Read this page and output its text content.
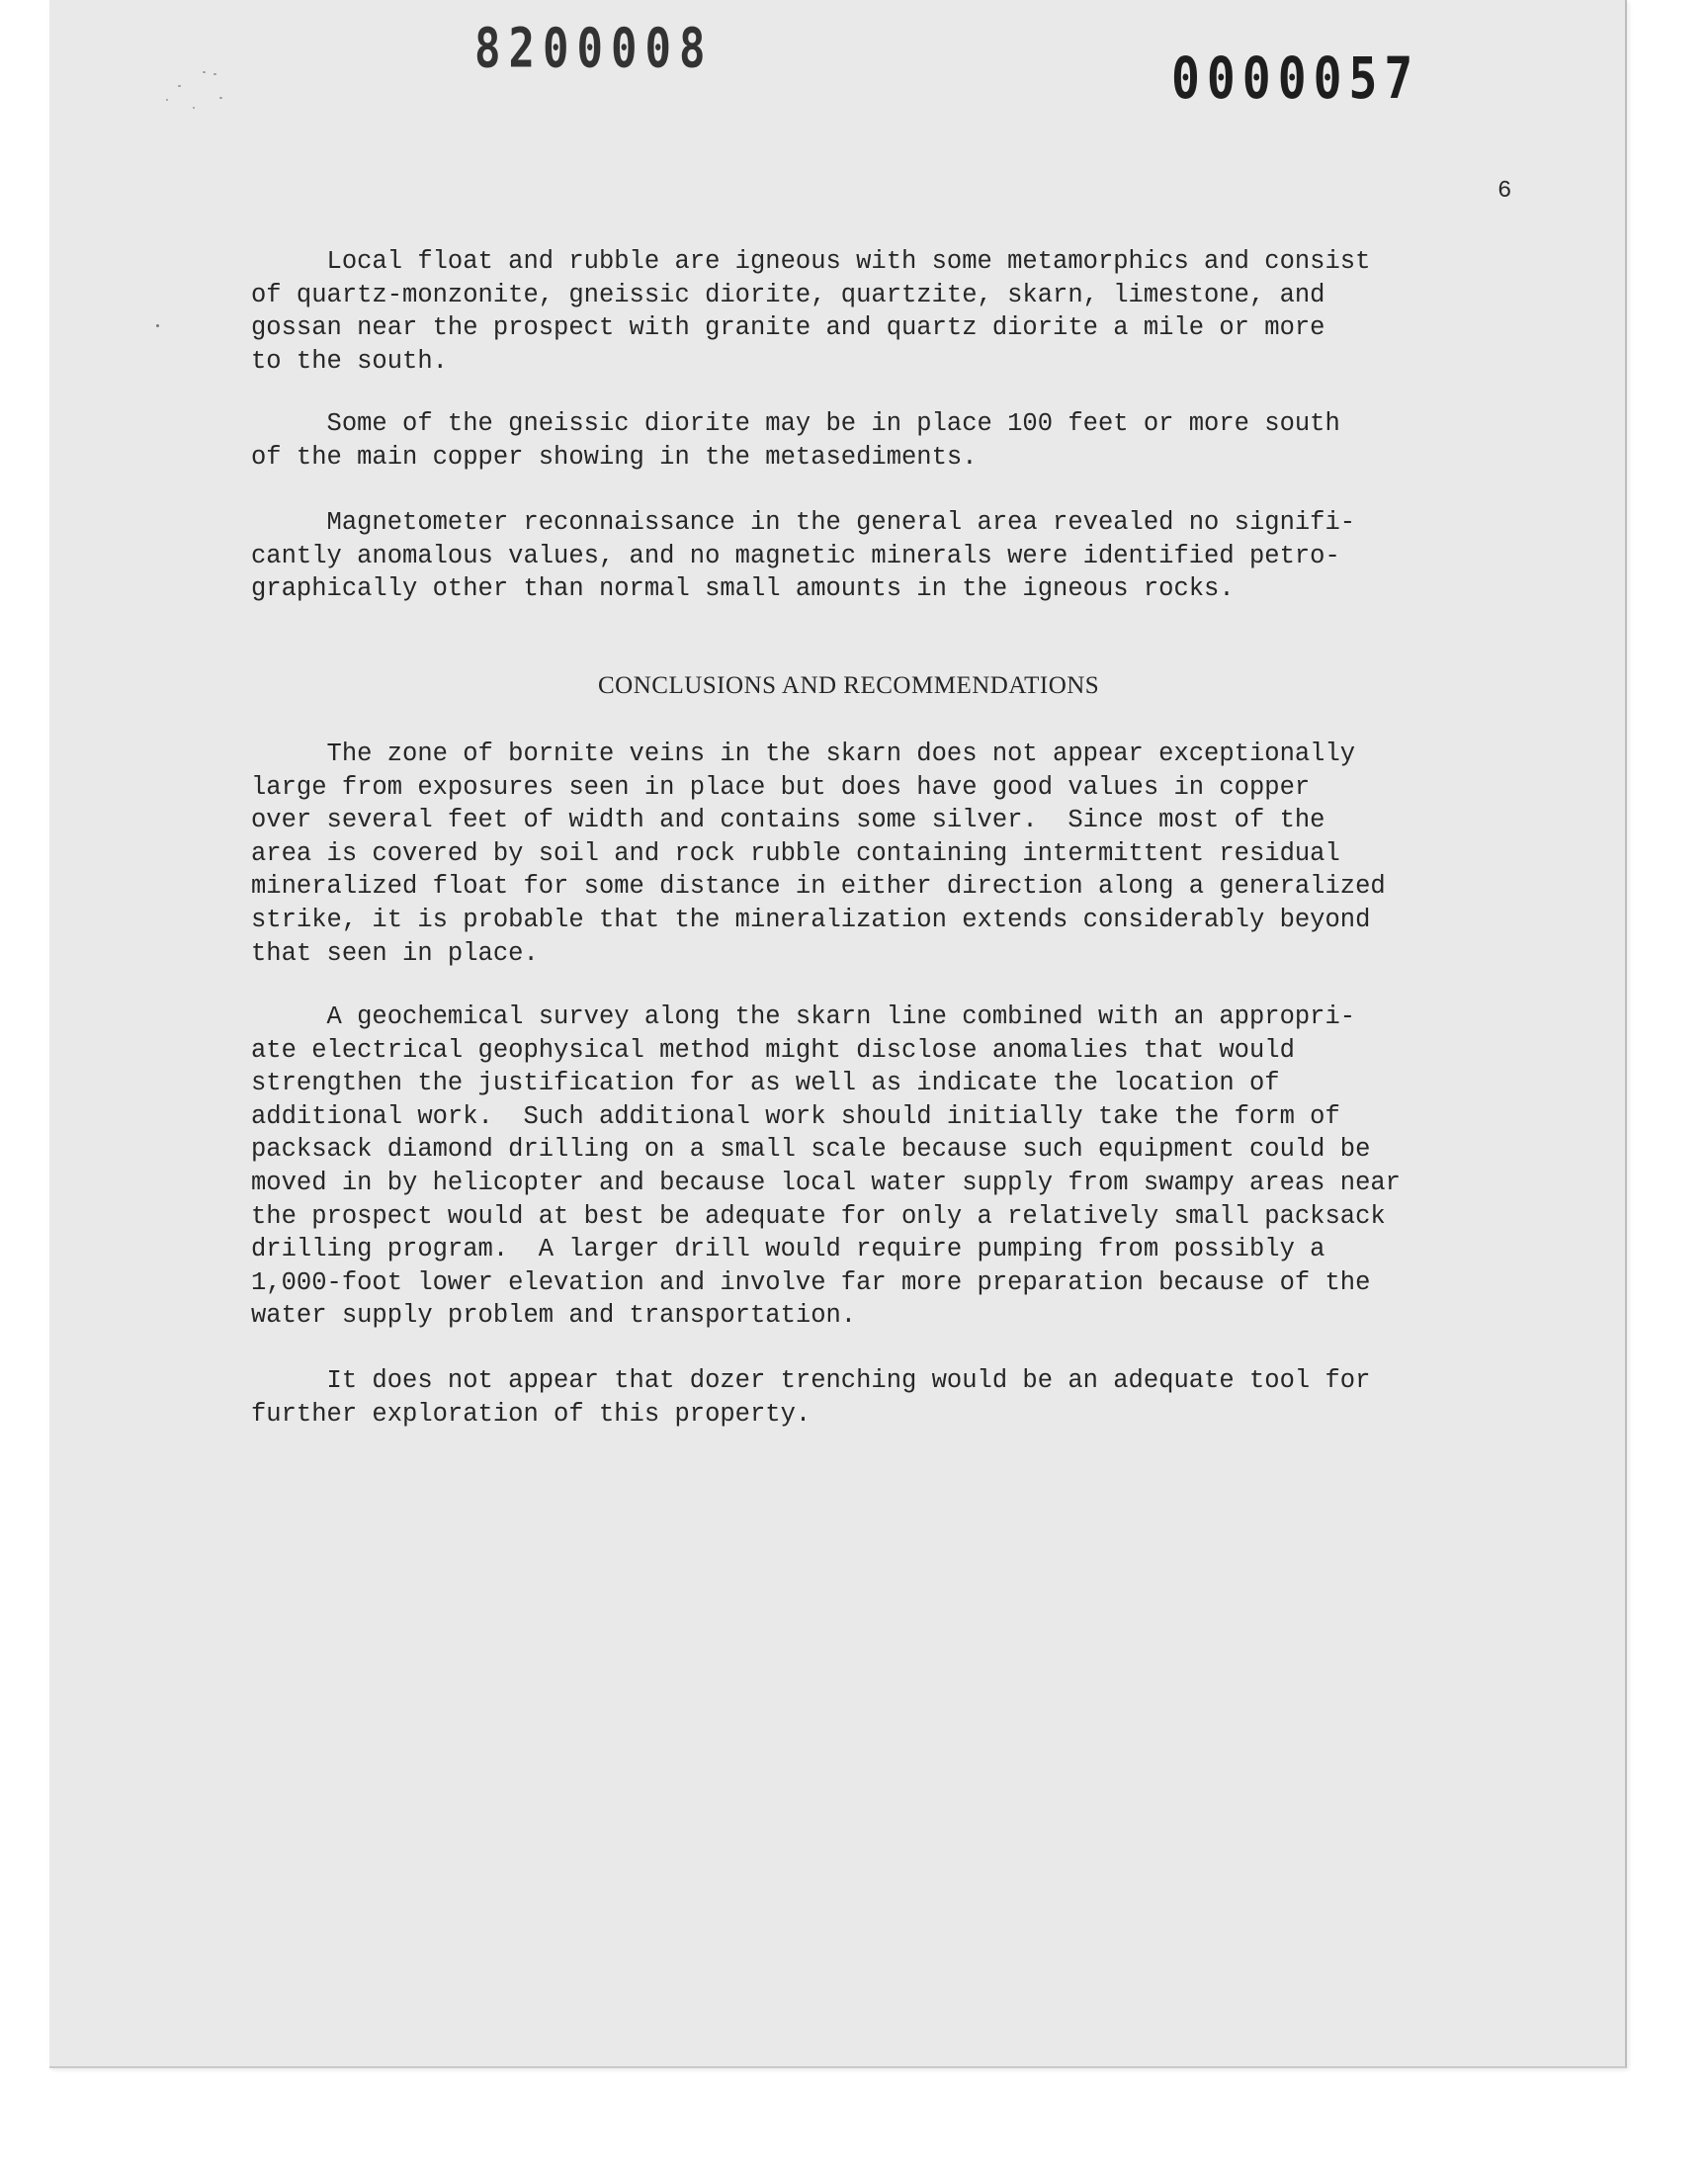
8200008	0000057
6
Local float and rubble are igneous with some metamorphics and consist
of quartz-monzonite, gneissic diorite, quartzite, skarn, limestone, and
gossan near the prospect with granite and quartz diorite a mile or more
to the south.
Some of the gneissic diorite may be in place 100 feet or more south
of the main copper showing in the metasediments.
Magnetometer reconnaissance in the general area revealed no signifi-
cantly anomalous values, and no magnetic minerals were identified petro-
graphically other than normal small amounts in the igneous rocks.
CONCLUSIONS AND RECOMMENDATIONS
The zone of bornite veins in the skarn does not appear exceptionally
large from exposures seen in place but does have good values in copper
over several feet of width and contains some silver.  Since most of the
area is covered by soil and rock rubble containing intermittent residual
mineralized float for some distance in either direction along a generalized
strike, it is probable that the mineralization extends considerably beyond
that seen in place.
A geochemical survey along the skarn line combined with an appropri-
ate electrical geophysical method might disclose anomalies that would
strengthen the justification for as well as indicate the location of
additional work.  Such additional work should initially take the form of
packsack diamond drilling on a small scale because such equipment could be
moved in by helicopter and because local water supply from swampy areas near
the prospect would at best be adequate for only a relatively small packsack
drilling program.  A larger drill would require pumping from possibly a
1,000-foot lower elevation and involve far more preparation because of the
water supply problem and transportation.
It does not appear that dozer trenching would be an adequate tool for
further exploration of this property.
